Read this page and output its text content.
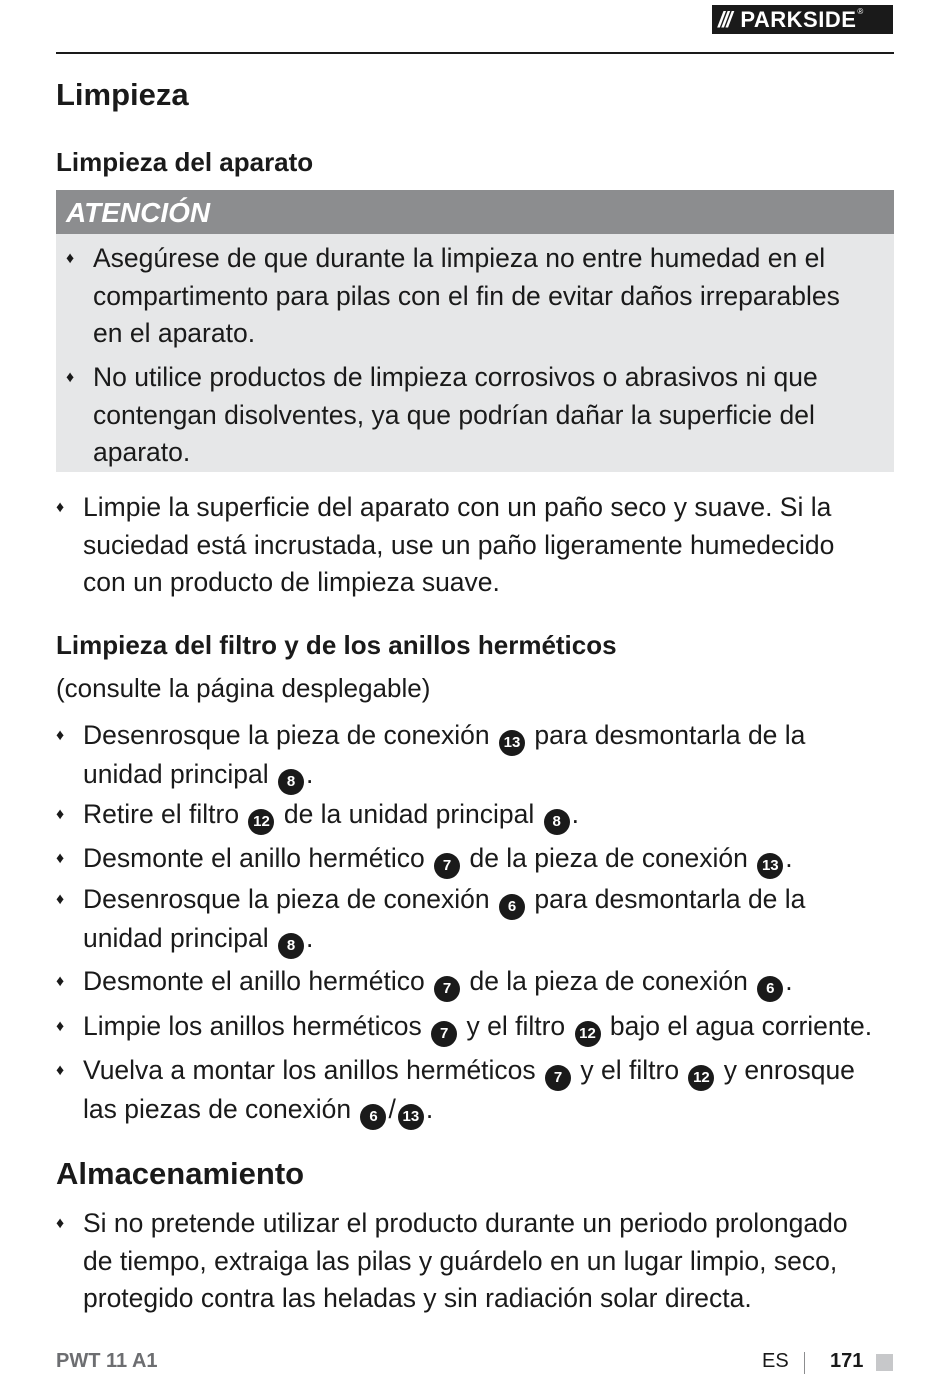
/// PARKSIDE ®
Limpieza
Limpieza del aparato
ATENCIÓN
♦ Asegúrese de que durante la limpieza no entre humedad en el
compartimento para pilas con el fin de evitar daños irreparables
en el aparato.
♦ No utilice productos de limpieza corrosivos o abrasivos ni que
contengan disolventes, ya que podrían dañar la superficie del
aparato.
♦ Limpie la superficie del aparato con un paño seco y suave. Si la
suciedad está incrustada, use un paño ligeramente humedecido
con un producto de limpieza suave.
Limpieza del filtro y de los anillos herméticos

(consulte la página desplegable)

♦ Desenrosque la pieza de conexión 13 para desmontarla de la
unidad principal 8 .
♦ Retire el filtro 12 de la unidad principal 8 .
♦ Desmonte el anillo hermético 7 de la pieza de conexión 13 .
♦ Desenrosque la pieza de conexión 6 para desmontarla de la
unidad principal 8 .
♦ Desmonte el anillo hermético 7 de la pieza de conexión 6 .
♦ Limpie los anillos herméticos 7 y el filtro 12 bajo el agua corriente.
♦ Vuelva a montar los anillos herméticos 7 y el filtro 12 y enrosque
las piezas de conexión 6 / 13 .
Almacenamiento
♦ Si no pretende utilizar el producto durante un periodo prolongado
de tiempo, extraiga las pilas y guárdelo en un lugar limpio, seco,
protegido contra las heladas y sin radiación solar directa.
PWT 11 A1	ES 171
